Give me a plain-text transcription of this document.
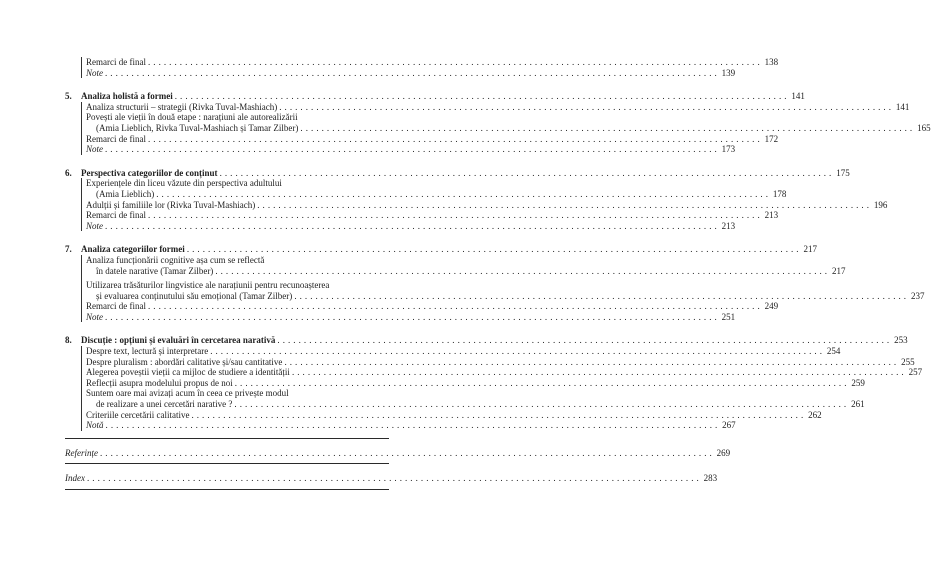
Remarci de final . . .	138
Note . . .	139
5.	Analiza holistă a formei . . .	141
Analiza structurii – strategii (Rivka Tuval-Mashiach) . . .	141
Povești ale vieții în două etape : narațiuni ale autorealizării
(Amia Lieblich, Rivka Tuval-Mashiach și Tamar Zilber) . . .	165
Remarci de final . . .	172
Note . . .	173
6.	Perspectiva categoriilor de conținut . . .	175
Experiențele din liceu văzute din perspectiva adultului
(Amia Lieblich) . . .	178
Adulții și familiile lor (Rivka Tuval-Mashiach) . . .	196
Remarci de final . . .	213
Note . . .	213
7.	Analiza categoriilor formei . . .	217
Analiza funcționării cognitive așa cum se reflectă
în datele narative (Tamar Zilber) . . .	217
Utilizarea trăsăturilor lingvistice ale narațiunii pentru recunoașterea
și evaluarea conținutului său emoțional (Tamar Zilber) . . .	237
Remarci de final . . .	249
Note . . .	251
8.	Discuție : opțiuni și evaluări în cercetarea narativă . . .	253
Despre text, lectură și interpretare . . .	254
Despre pluralism : abordări calitative și/sau cantitative . . .	255
Alegerea poveștii vieții ca mijloc de studiere a identității . . .	257
Reflecții asupra modelului propus de noi . . .	259
Suntem oare mai avizați acum în ceea ce privește modul
de realizare a unei cercetări narative ? . . .	261
Criteriile cercetării calitative . . .	262
Notă . . .	267
Referințe . . .	269
Index . . .	283
